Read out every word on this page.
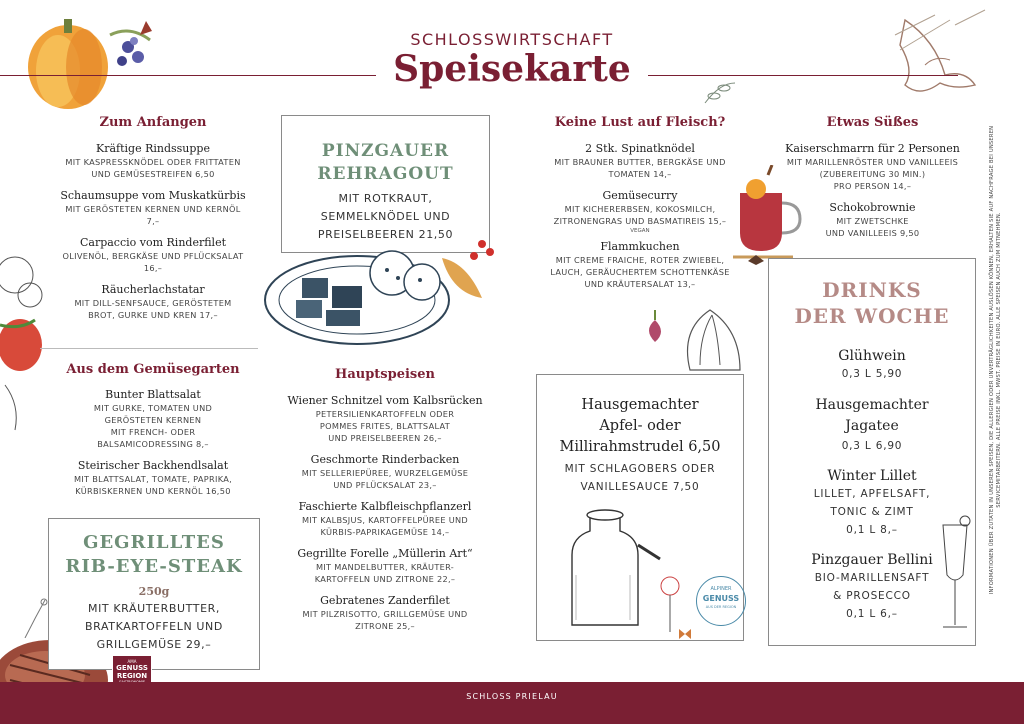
SCHLOSSWIRTSCHAFT
Speisekarte
Zum Anfangen
Kräftige Rindssuppe
MIT KASPRESSKNÖDEL ODER FRITTATEN
UND GEMÜSESTREIFEN 6,50
Schaumsuppe vom Muskatkürbis
MIT GERÖSTETEN KERNEN UND KERNÖL
7,–
Carpaccio vom Rinderfilet
OLIVENÖL, BERGKÄSE UND PFLÜCKSALAT
16,–
Räucherlachstatar
MIT DILL-SENFSAUCE, GERÖSTETEM
BROT, GURKE UND KREN 17,–
Aus dem Gemüsegarten
Bunter Blattsalat
MIT GURKE, TOMATEN UND
GERÖSTETEN KERNEN
MIT FRENCH- ODER
BALSAMICODRESSING 8,–
Steirischer Backhendlsalat
MIT BLATTSALAT, TOMATE, PAPRIKA,
KÜRBISKERNEN UND KERNÖL 16,50
GEGRILLTES
RIB-EYE-STEAK
250g
MIT KRÄUTERBUTTER,
BRATKARTOFFELN UND
GRILLGEMÜSE 29,–
AMA
GENUSS
REGION
PINZGAUER
REHRAGOUT
MIT ROTKRAUT,
SEMMELKNÖDEL UND
PREISELBEEREN 21,50
Hauptspeisen
Wiener Schnitzel vom Kalbsrücken
PETERSILIENKARTOFFELN ODER
POMMES FRITES, BLATTSALAT
UND PREISELBEEREN 26,–
Geschmorte Rinderbacken
MIT SELLERIEPÜREE, WURZELGEMÜSE
UND PFLÜCKSALAT 23,–
Faschierte Kalbfleischpflanzerl
MIT KALBSJUS, KARTOFFELPÜREE UND
KÜRBIS-PAPRIKAGEMÜSE 14,–
Gegrillte Forelle „Müllerin Art“
MIT MANDELBUTTER, KRÄUTER-
KARTOFFELN UND ZITRONE 22,–
Gebratenes Zanderfilet
MIT PILZRISOTTO, GRILLGEMÜSE UND
ZITRONE 25,–
Keine Lust auf Fleisch?
2 Stk. Spinatknödel
MIT BRAUNER BUTTER, BERGKÄSE UND
TOMATEN 14,–
Gemüsecurry
MIT KICHERERBSEN, KOKOSMILCH,
ZITRONENGRAS UND BASMATIREIS 15,–
VEGAN
Flammkuchen
MIT CREME FRAICHE, ROTER ZWIEBEL,
LAUCH, GERÄUCHERTEM SCHOTTENKÄSE
UND KRÄUTERSALAT 13,–
Hausgemachter
Apfel- oder
Millirahmstrudel 6,50
MIT SCHLAGOBERS ODER
VANILLESAUCE 7,50
ALPINER
GENUSS
AUS DER REGION
Etwas Süßes
Kaiserschmarrn für 2 Personen
MIT MARILLENRÖSTER UND VANILLEEIS
(ZUBEREITUNG 30 MIN.)
PRO PERSON 14,–
Schokobrownie
MIT ZWETSCHKE
UND VANILLEEIS 9,50
DRINKS
DER WOCHE
Glühwein
0,3 L 5,90
Hausgemachter
Jagatee
0,3 L 6,90
Winter Lillet
LILLET, APFELSAFT,
TONIC & ZIMT
0,1 L 8,–
Pinzgauer Bellini
BIO-MARILLENSAFT
& PROSECCO
0,1 L 6,–
INFORMATIONEN ÜBER ZUTATEN IN UNSEREN SPEISEN, DIE ALLERGIEN ODER UNVERTRÄGLICHKEITEN AUSLÖSEN KÖNNEN, ERHALTEN SIE AUF NACHFRAGE BEI UNSEREN SERVICEMITARBEITERN. ALLE PREISE INKL. MWST. PREISE IN EURO. ALLE SPEISEN AUCH ZUM MITNEHMEN.
SCHLOSS PRIELAU
